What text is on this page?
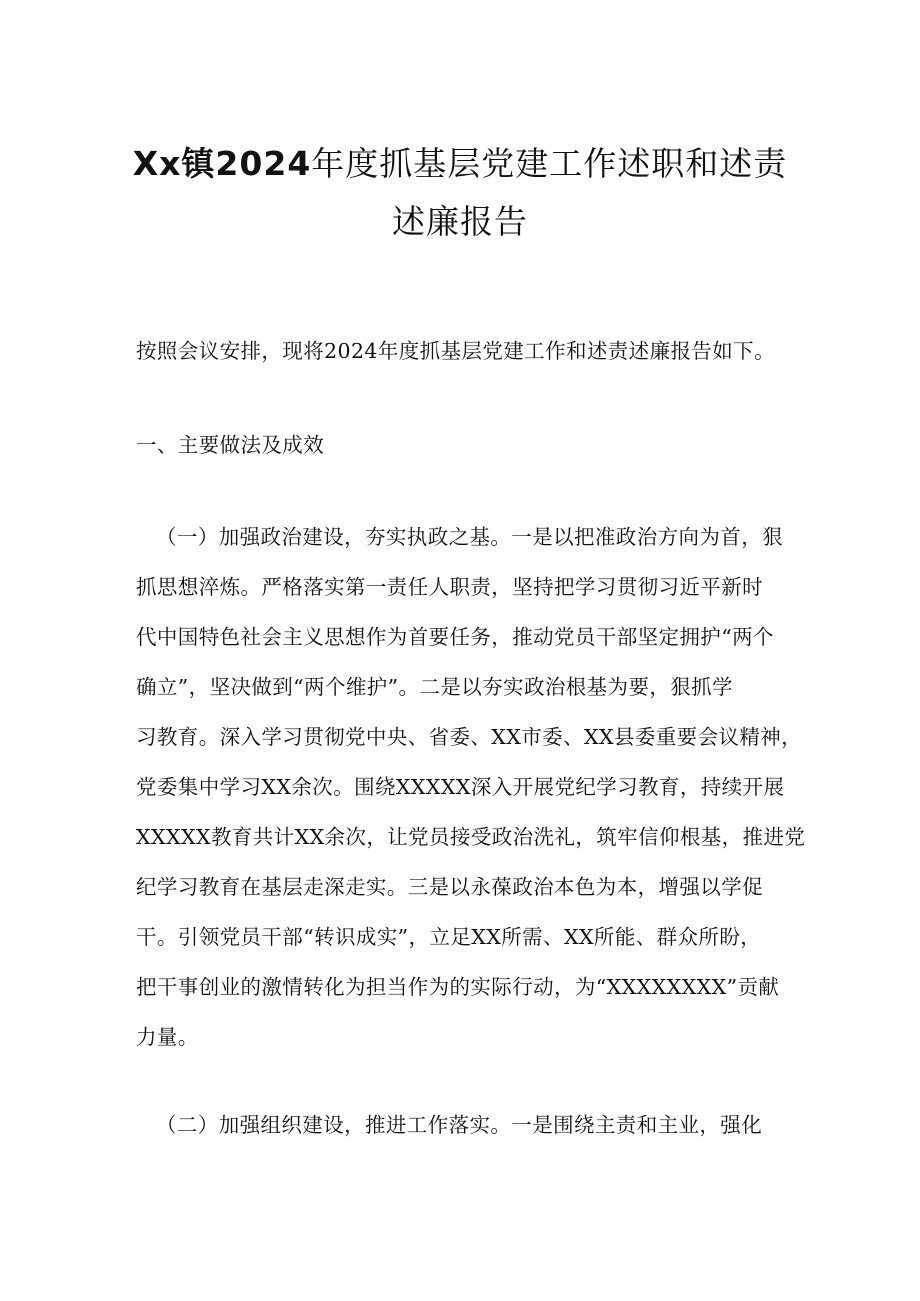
Xx镇2024年度抓基层党建工作述职和述责
述廉报告
按照会议安排，现将2024年度抓基层党建工作和述责述廉报告如下。
一、主要做法及成效
（一）加强政治建设，夯实执政之基。一是以把准政治方向为首，狠
抓思想淬炼。严格落实第一责任人职责，坚持把学习贯彻习近平新时
代中国特色社会主义思想作为首要任务，推动党员干部坚定拥护“两个
确立”，坚决做到“两个维护”。二是以夯实政治根基为要，狠抓学
习教育。深入学习贯彻党中央、省委、XX市委、XX县委重要会议精神，
党委集中学习XX余次。围绕XXXXX深入开展党纪学习教育，持续开展
XXXXX教育共计XX余次，让党员接受政治洗礼，筑牢信仰根基，推进党
纪学习教育在基层走深走实。三是以永葆政治本色为本，增强以学促
干。引领党员干部“转识成实”，立足XX所需、XX所能、群众所盼，
把干事创业的激情转化为担当作为的实际行动，为“XXXXXXXX”贡献
力量。
（二）加强组织建设，推进工作落实。一是围绕主责和主业，强化
